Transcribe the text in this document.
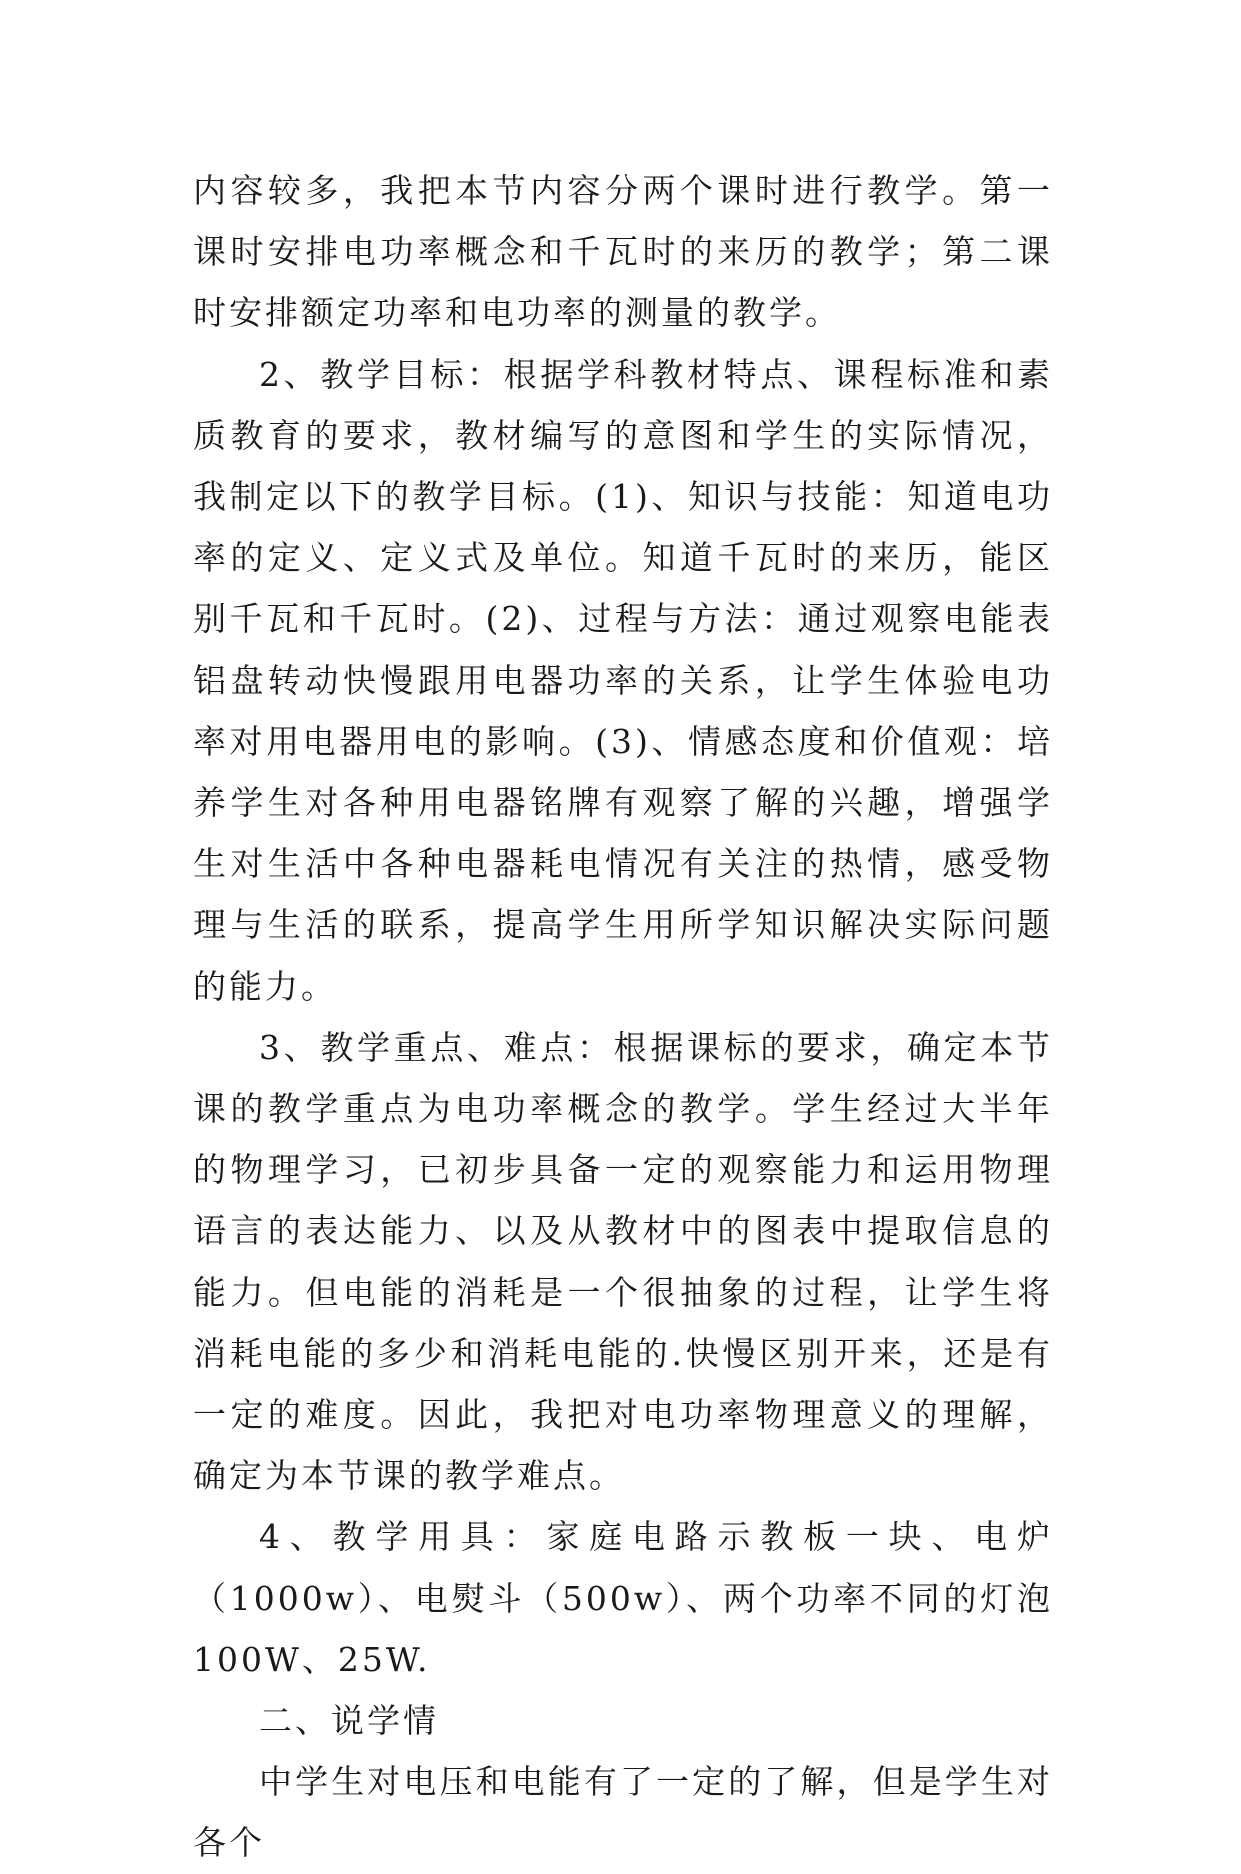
内容较多，我把本节内容分两个课时进行教学。第一课时安排电功率概念和千瓦时的来历的教学；第二课时安排额定功率和电功率的测量的教学。

2、教学目标：根据学科教材特点、课程标准和素质教育的要求，教材编写的意图和学生的实际情况，我制定以下的教学目标。(1)、知识与技能：知道电功率的定义、定义式及单位。知道千瓦时的来历，能区别千瓦和千瓦时。(2)、过程与方法：通过观察电能表铝盘转动快慢跟用电器功率的关系，让学生体验电功率对用电器用电的影响。(3)、情感态度和价值观：培养学生对各种用电器铭牌有观察了解的兴趣，增强学生对生活中各种电器耗电情况有关注的热情，感受物理与生活的联系，提高学生用所学知识解决实际问题的能力。

3、教学重点、难点：根据课标的要求，确定本节课的教学重点为电功率概念的教学。学生经过大半年的物理学习，已初步具备一定的观察能力和运用物理语言的表达能力、以及从教材中的图表中提取信息的能力。但电能的消耗是一个很抽象的过程，让学生将消耗电能的多少和消耗电能的.快慢区别开来，还是有一定的难度。因此，我把对电功率物理意义的理解，确定为本节课的教学难点。

4、教学用具：家庭电路示教板一块、电炉（1000w）、电熨斗（500w）、两个功率不同的灯泡100W、25W.

二、说学情

中学生对电压和电能有了一定的了解，但是学生对各个
